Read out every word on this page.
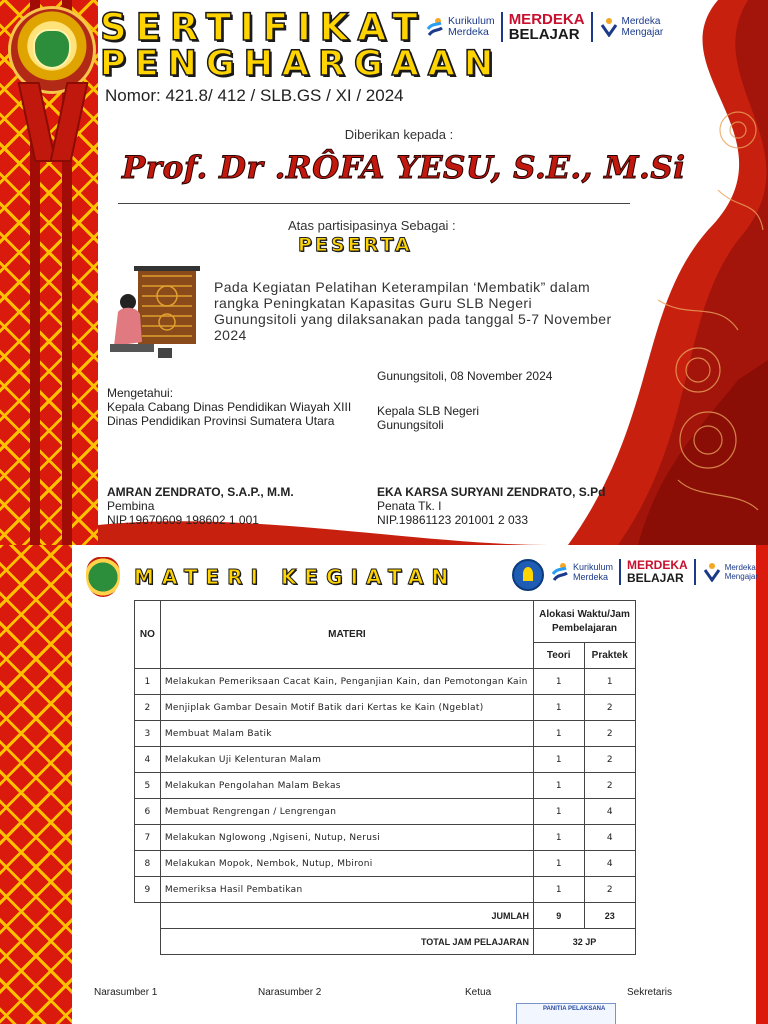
SERTIFIKAT
PENGHARGAAN
Nomor: 421.8/ 412 / SLB.GS / XI / 2024
Kurikulum
Merdeka
MERDEKA
BELAJAR
Merdeka
Mengajar
Diberikan kepada :
Prof. Dr .RÔFA YESU, S.E., M.Si
Atas partisipasinya Sebagai :
PESERTA
Pada Kegiatan Pelatihan Keterampilan ‘Membatik” dalam rangka Peningkatan Kapasitas Guru SLB Negeri Gunungsitoli yang dilaksanakan pada tanggal 5-7 November 2024
Gunungsitoli, 08 November 2024
Mengetahui:
Kepala Cabang Dinas Pendidikan Wiayah XIII
Dinas Pendidikan Provinsi Sumatera Utara
Kepala SLB Negeri
Gunungsitoli
AMRAN ZENDRATO, S.A.P., M.M.
Pembina
NIP.19670609 198602 1 001
EKA KARSA SURYANI ZENDRATO, S.Pd
Penata Tk. I
NIP.19861123 201001 2 033
MATERI KEGIATAN	Kurikulum
Merdeka
MERDEKA
BELAJAR
Merdeka
Mengajar
NO	MATERI	Alokasi Waktu/Jam Pembelajaran	
		Teori	Praktek
1	Melakukan Pemeriksaan Cacat Kain, Penganjian Kain, dan Pemotongan Kain	1	1
2	Menjiplak Gambar Desain Motif Batik dari Kertas ke Kain (Ngeblat)	1	2
3	Membuat Malam Batik	1	2
4	Melakukan Uji Kelenturan Malam	1	2
5	Melakukan Pengolahan Malam Bekas	1	2
6	Membuat Rengrengan / Lengrengan	1	4
7	Melakukan Nglowong ,Ngiseni, Nutup, Nerusi	1	4
8	Melakukan Mopok, Nembok, Nutup, Mbironi	1	4
9	Memeriksa Hasil Pembatikan	1	2
	JUMLAH	9	23
	TOTAL JAM PELAJARAN	32 JP	
Narasumber 1	Narasumber 2	Ketua	Sekretaris
PANITIA PELAKSANA
